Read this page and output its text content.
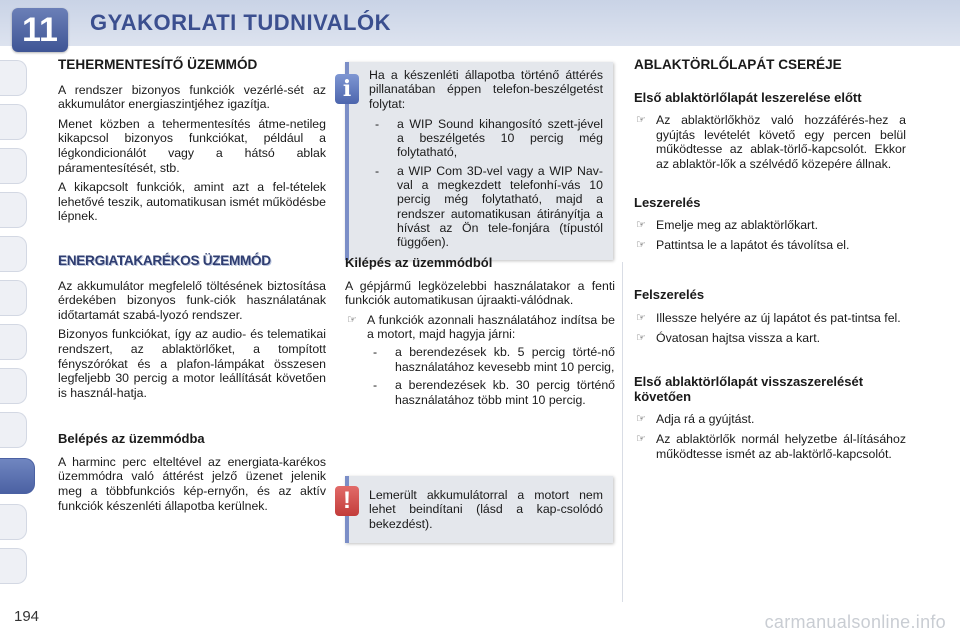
11	GYAKORLATI TUDNIVALÓK
TEHERMENTESÍTŐ ÜZEMMÓD

A rendszer bizonyos funkciók vezérlé-sét az akkumulátor energiaszintjéhez igazítja.

Menet közben a tehermentesítés átme-netileg kikapcsol bizonyos funkciókat, például a légkondicionálót vagy a hátsó ablak páramentesítését, stb.

A kikapcsolt funkciók, amint azt a fel-tételek lehetővé teszik, automatikusan ismét működésbe lépnek.

ENERGIATAKARÉKOS ÜZEMMÓD

Az akkumulátor megfelelő töltésének biztosítása érdekében bizonyos funk-ciók használatának időtartamát szabá-lyozó rendszer.

Bizonyos funkciókat, így az audio- és telematikai rendszert, az ablaktörlőket, a tompított fényszórókat és a plafon-lámpákat összesen legfeljebb 30 percig a motor leállítását követően is használ-hatja.

Belépés az üzemmódba

A harminc perc elteltével az energiata-karékos üzemmódra való áttérést jelző üzenet jelenik meg a többfunkciós kép-ernyőn, és az aktív funkciók készenléti állapotba kerülnek.

i

Ha a készenléti állapotba történő áttérés pillanatában éppen telefon-beszélgetést folytat:

- a WIP Sound kihangosító szett-jével a beszélgetés 10 percig még folytatható,
- a WIP Com 3D-vel vagy a WIP Nav-val a megkezdett telefonhí-vás 10 percig még folytatható, majd a rendszer automatikusan átirányítja a hívást az Ön tele-fonjára (típustól függően).
Kilépés az üzemmódból

A gépjármű legközelebbi használatakor a fenti funkciók automatikusan újraakti-válódnak.

☞ A funkciók azonnali használatához indítsa be a motort, majd hagyja járni:
- a berendezések kb. 5 percig törté-nő használatához kevesebb mint 10 percig,
- a berendezések kb. 30 percig történő használatához több mint 10 percig.
!	Lemerült akkumulátorral a motort nem lehet beindítani (lásd a kap-csolódó bekezdést).

ABLAKTÖRLŐLAPÁT CSERÉJE
Első ablaktörlőlapát leszerelése előtt
☞ Az ablaktörlőkhöz való hozzáférés-hez a gyújtás levételét követő egy percen belül működtesse az ablak-törlő-kapcsolót. Ekkor az ablaktör-lők a szélvédő közepére állnak.
Leszerelés
☞ Emelje meg az ablaktörlőkart.
☞ Pattintsa le a lapátot és távolítsa el.
Felszerelés
☞ Illessze helyére az új lapátot és pat-tintsa fel.
☞ Óvatosan hajtsa vissza a kart.
Első ablaktörlőlapát visszaszerelését követően
☞ Adja rá a gyújtást.
☞ Az ablaktörlők normál helyzetbe ál-lításához működtesse ismét az ab-laktörlő-kapcsolót.
194	carmanualsonline.info
